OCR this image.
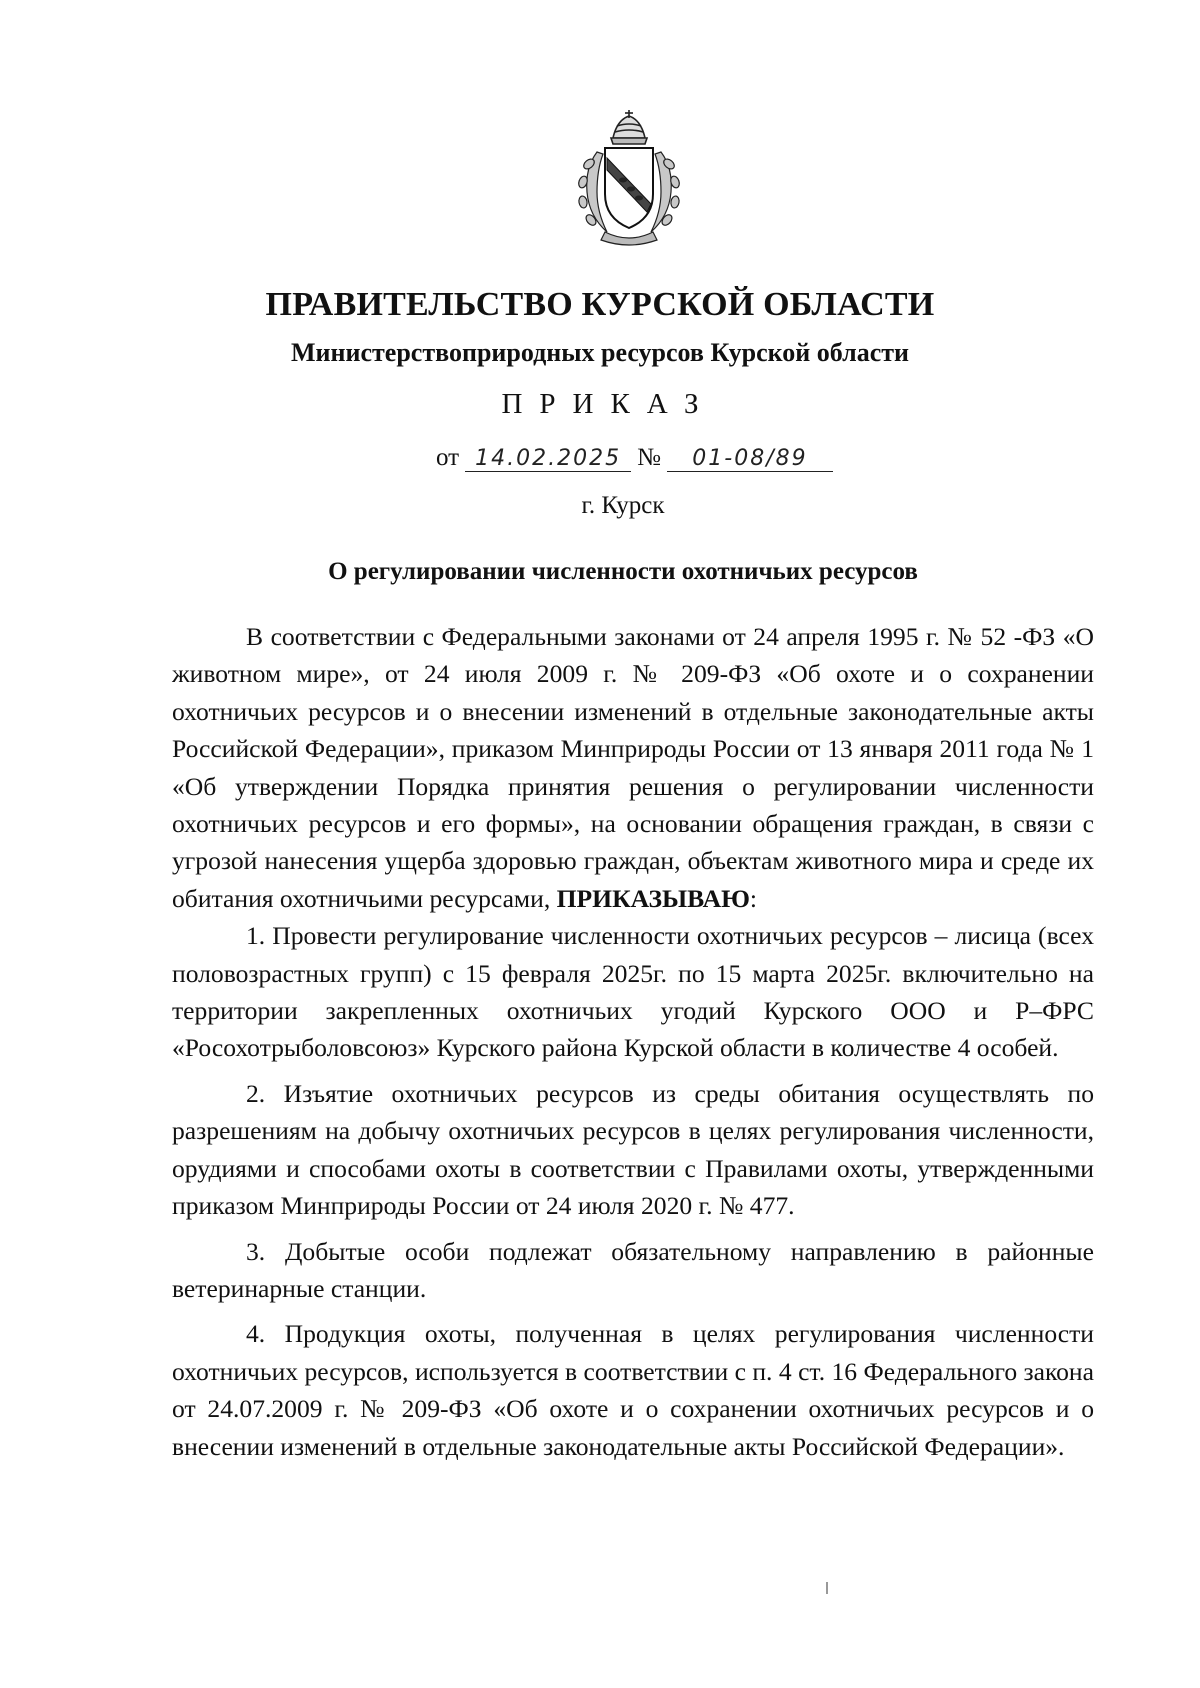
ПРАВИТЕЛЬСТВО КУРСКОЙ ОБЛАСТИ
Министерствоприродных ресурсов Курской области
ПРИКАЗ
от 14.02.2025 № 01-08/89
г. Курск
О регулировании численности охотничьих ресурсов

В соответствии с Федеральными законами от 24 апреля 1995 г. № 52 -ФЗ «О животном мире», от 24 июля 2009 г. № 209-ФЗ «Об охоте и о сохранении охотничьих ресурсов и о внесении изменений в отдельные законодательные акты Российской Федерации», приказом Минприроды России от 13 января 2011 года № 1 «Об утверждении Порядка принятия решения о регулировании численности охотничьих ресурсов и его формы», на основании обращения граждан, в связи с угрозой нанесения ущерба здоровью граждан, объектам животного мира и среде их обитания охотничьими ресурсами, ПРИКАЗЫВАЮ:

1. Провести регулирование численности охотничьих ресурсов – лисица (всех половозрастных групп) с 15 февраля 2025г. по 15 марта 2025г. включительно на территории закрепленных охотничьих угодий Курского ООО и Р–ФРС «Росохотрыболовсоюз» Курского района Курской области в количестве 4 особей.

2. Изъятие охотничьих ресурсов из среды обитания осуществлять по разрешениям на добычу охотничьих ресурсов в целях регулирования численности, орудиями и способами охоты в соответствии с Правилами охоты, утвержденными приказом Минприроды России от 24 июля 2020 г. № 477.

3. Добытые особи подлежат обязательному направлению в районные ветеринарные станции.

4. Продукция охоты, полученная в целях регулирования численности охотничьих ресурсов, используется в соответствии с п. 4 ст. 16 Федерального закона от 24.07.2009 г. № 209-ФЗ «Об охоте и о сохранении охотничьих ресурсов и о внесении изменений в отдельные законодательные акты Российской Федерации».
